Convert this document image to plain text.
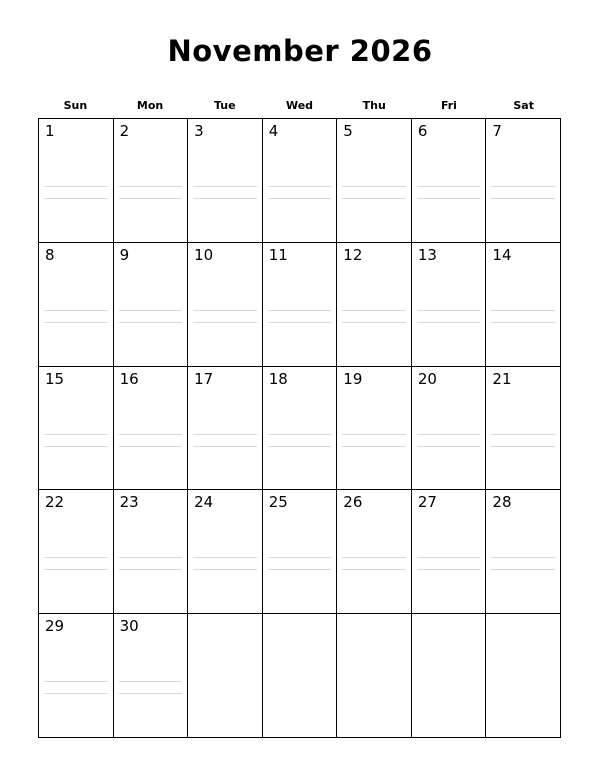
November 2026
Sun	Mon	Tue	Wed	Thu	Fri	Sat
1	2	3	4	5	6	7
8	9	10	11	12	13	14
15	16	17	18	19	20	21
22	23	24	25	26	27	28
29	30
